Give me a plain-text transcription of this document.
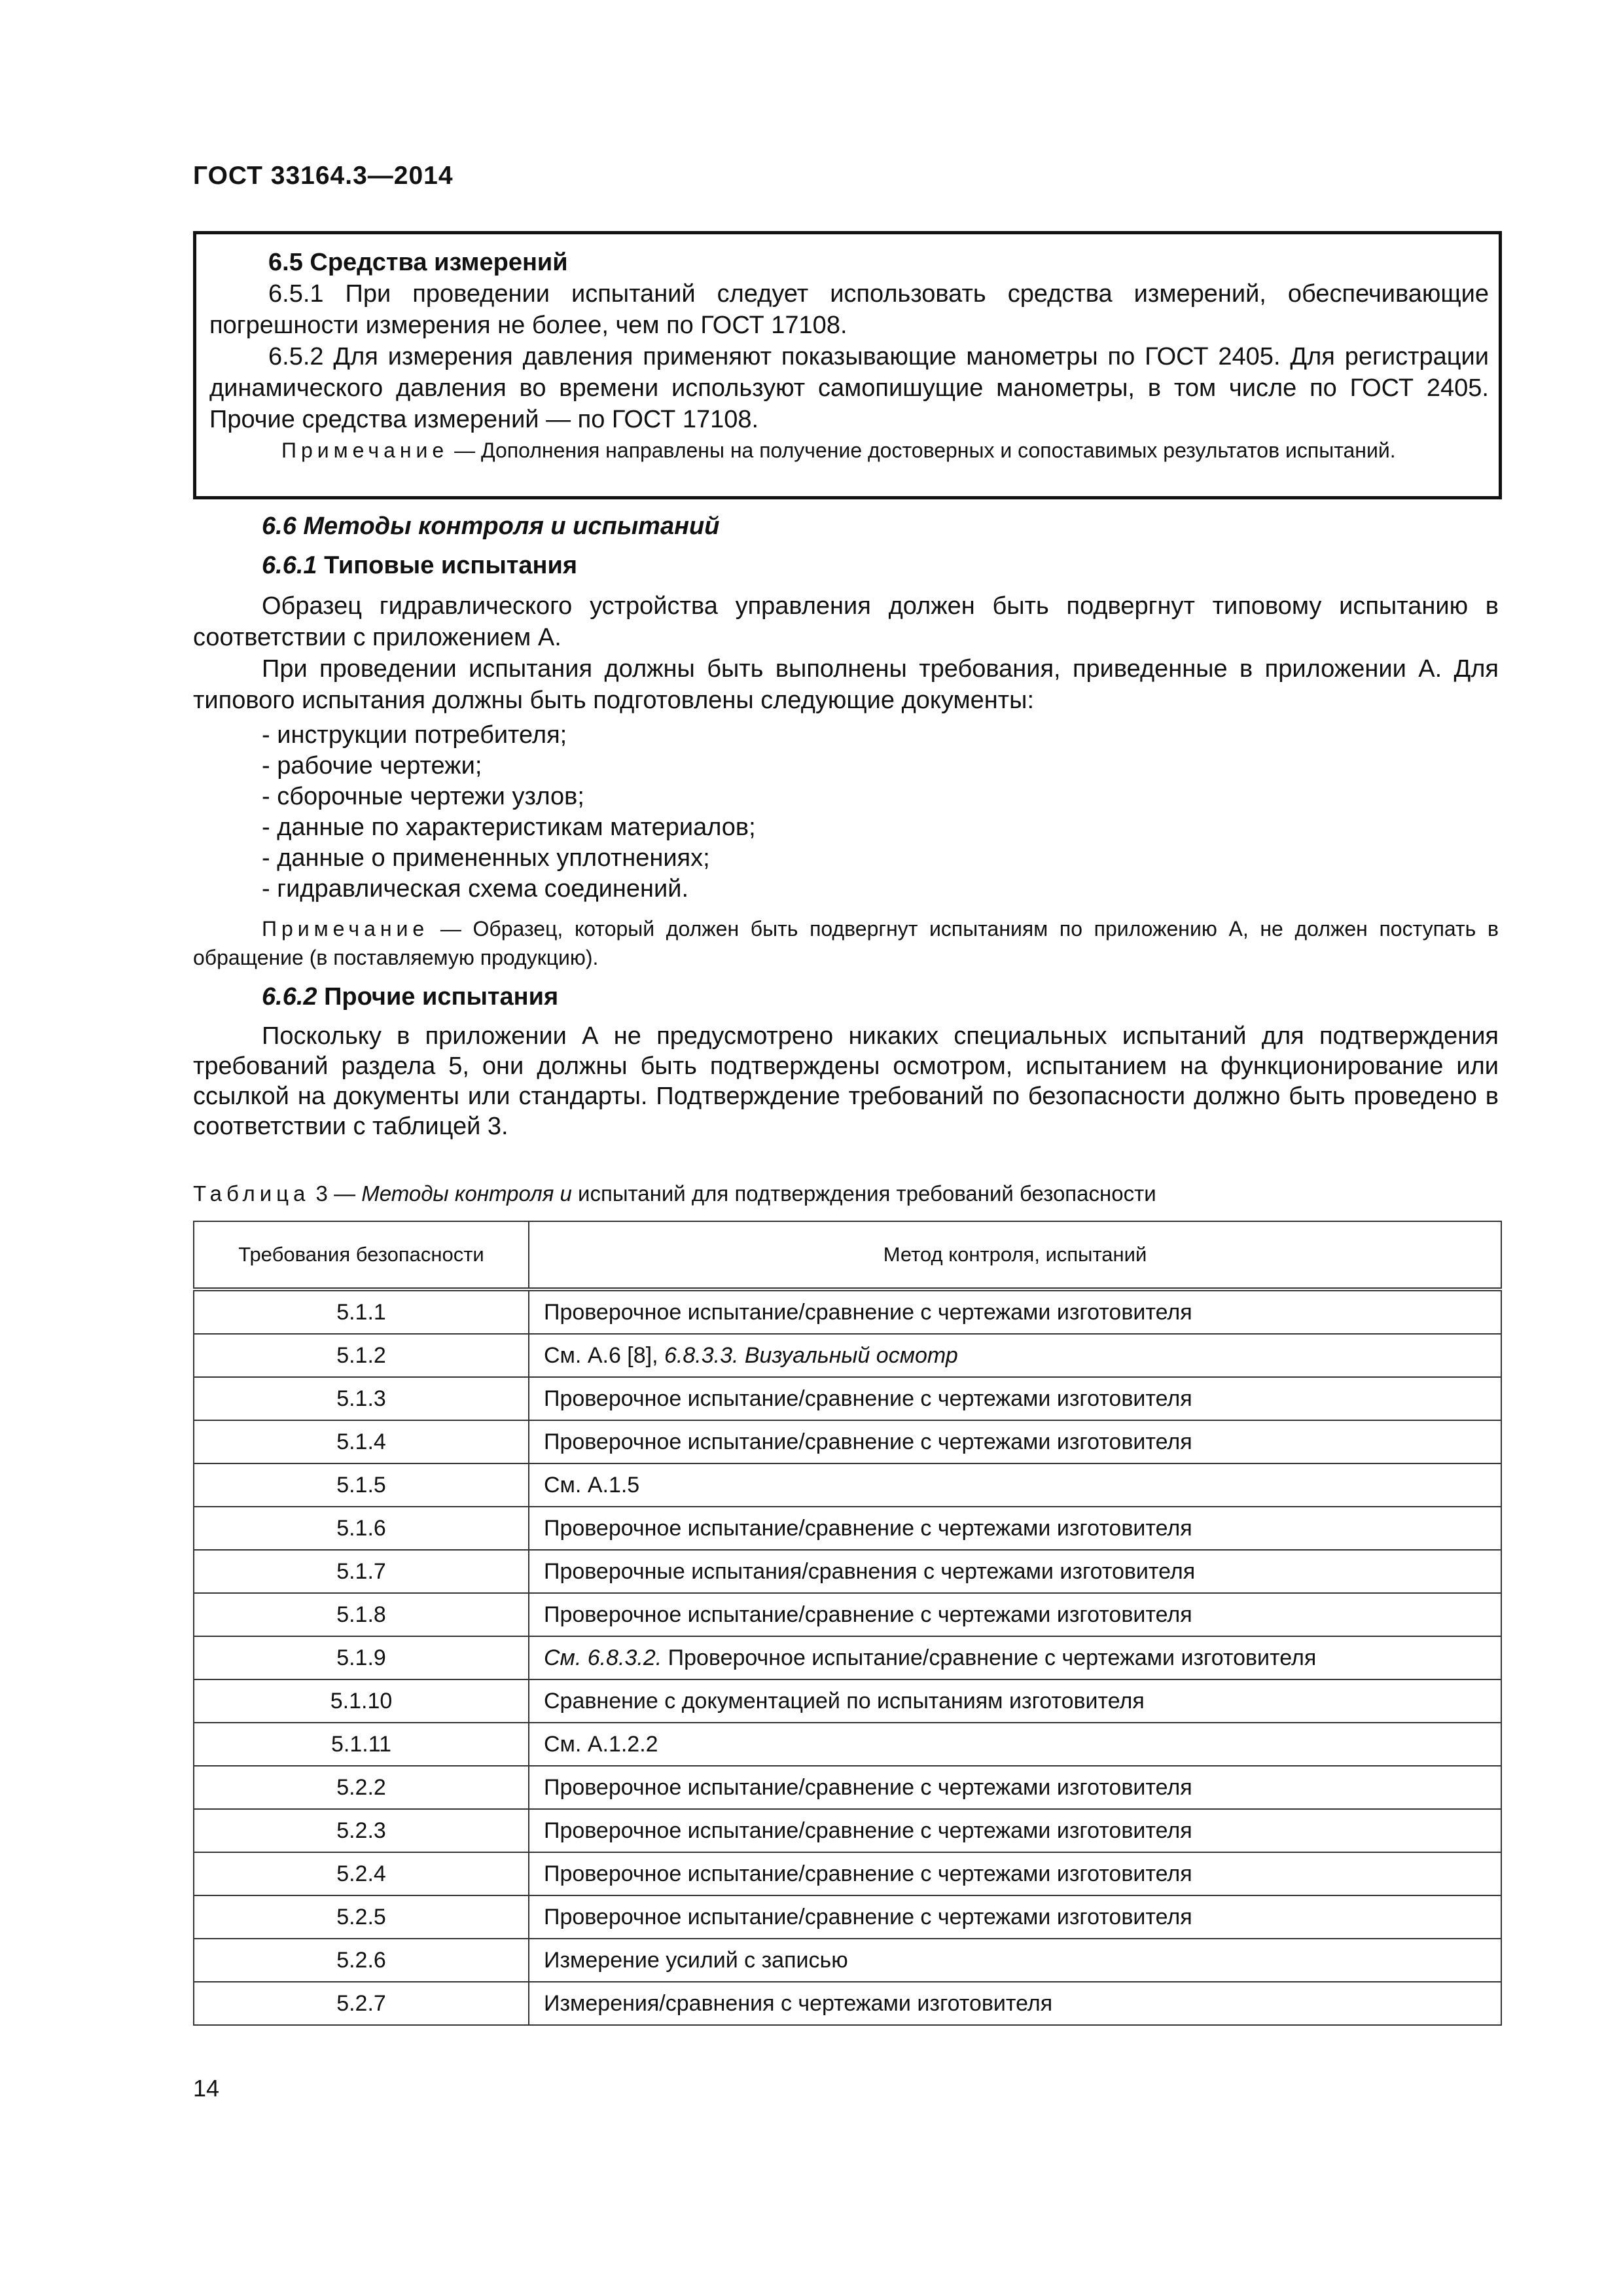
ГОСТ 33164.3—2014
6.5 Средства измерений
6.5.1 При проведении испытаний следует использовать средства измерений, обеспечивающие погрешности измерения не более, чем по ГОСТ 17108.
6.5.2 Для измерения давления применяют показывающие манометры по ГОСТ 2405. Для регистрации динамического давления во времени используют самопишущие манометры, в том числе по ГОСТ 2405. Прочие средства измерений — по ГОСТ 17108.
Примечание — Дополнения направлены на получение достоверных и сопоставимых результатов испытаний.
6.6 Методы контроля и испытаний
6.6.1 Типовые испытания
Образец гидравлического устройства управления должен быть подвергнут типовому испытанию в соответствии с приложением А.
При проведении испытания должны быть выполнены требования, приведенные в приложении А. Для типового испытания должны быть подготовлены следующие документы:
- инструкции потребителя;
- рабочие чертежи;
- сборочные чертежи узлов;
- данные по характеристикам материалов;
- данные о примененных уплотнениях;
- гидравлическая схема соединений.
Примечание — Образец, который должен быть подвергнут испытаниям по приложению А, не должен поступать в обращение (в поставляемую продукцию).
6.6.2 Прочие испытания
Поскольку в приложении А не предусмотрено никаких специальных испытаний для подтверждения требований раздела 5, они должны быть подтверждены осмотром, испытанием на функционирование или ссылкой на документы или стандарты. Подтверждение требований по безопасности должно быть проведено в соответствии с таблицей 3.
Таблица 3 — Методы контроля и испытаний для подтверждения требований безопасности
Требования безопасности	Метод контроля, испытаний
5.1.1	Проверочное испытание/сравнение с чертежами изготовителя
5.1.2	См. А.6 [8], 6.8.3.3. Визуальный осмотр
5.1.3	Проверочное испытание/сравнение с чертежами изготовителя
5.1.4	Проверочное испытание/сравнение с чертежами изготовителя
5.1.5	См. А.1.5
5.1.6	Проверочное испытание/сравнение с чертежами изготовителя
5.1.7	Проверочные испытания/сравнения с чертежами изготовителя
5.1.8	Проверочное испытание/сравнение с чертежами изготовителя
5.1.9	См. 6.8.3.2. Проверочное испытание/сравнение с чертежами изготовителя
5.1.10	Сравнение с документацией по испытаниям изготовителя
5.1.11	См. А.1.2.2
5.2.2	Проверочное испытание/сравнение с чертежами изготовителя
5.2.3	Проверочное испытание/сравнение с чертежами изготовителя
5.2.4	Проверочное испытание/сравнение с чертежами изготовителя
5.2.5	Проверочное испытание/сравнение с чертежами изготовителя
5.2.6	Измерение усилий с записью
5.2.7	Измерения/сравнения с чертежами изготовителя
14
